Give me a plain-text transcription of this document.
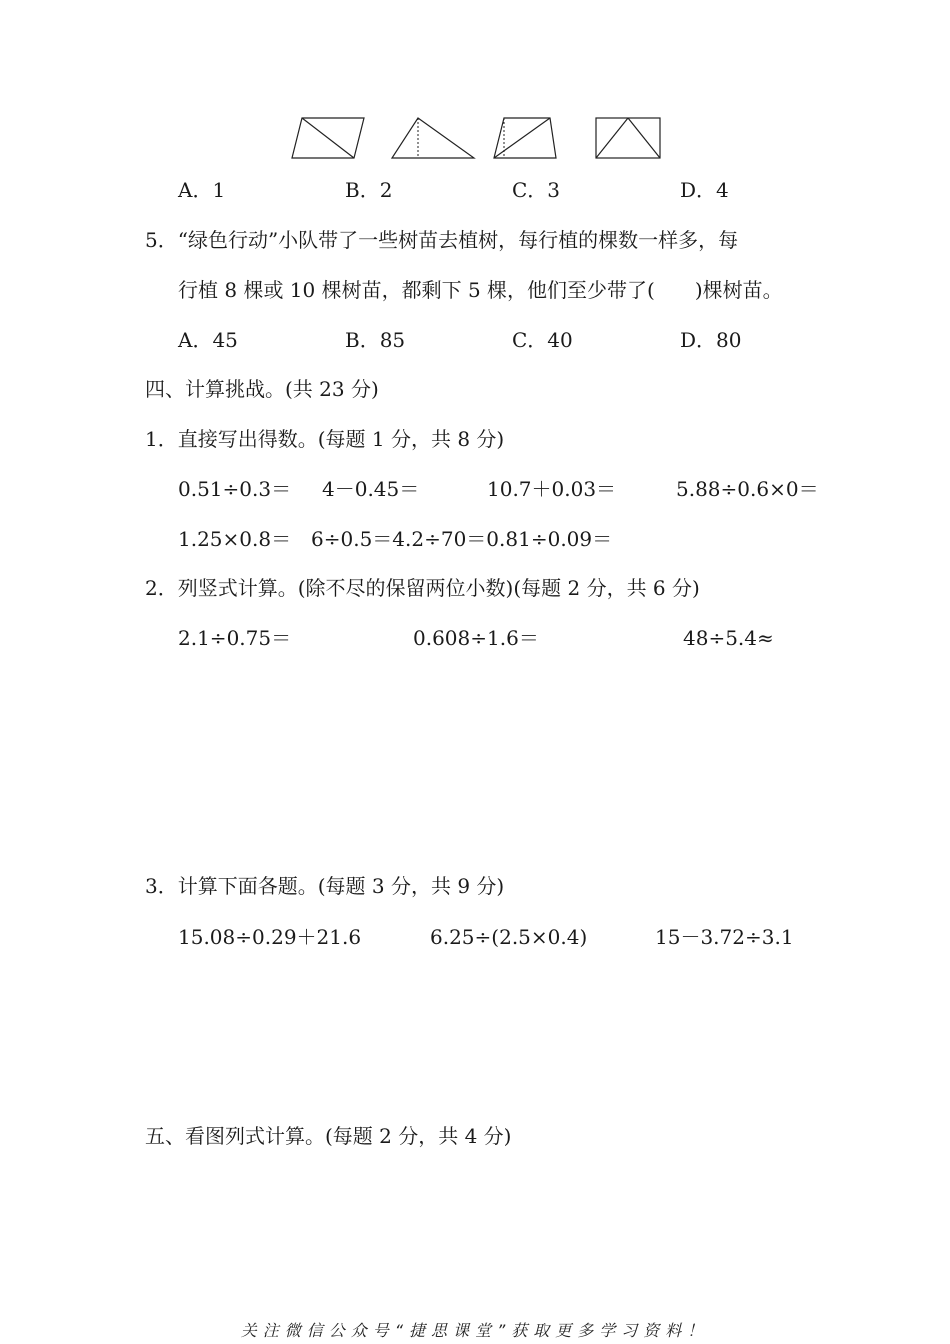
A．1	B．2	C．3	D．4
5．“绿色行动”小队带了一些树苗去植树，每行植的棵数一样多，每
行植 8 棵或 10 棵树苗，都剩下 5 棵，他们至少带了(　　)棵树苗。
A．45	B．85	C．40	D．80
四、计算挑战。(共 23 分)
1．直接写出得数。(每题 1 分，共 8 分)
0.51÷0.3＝ 4－0.45＝	10.7＋0.03＝	5.88÷0.6×0＝
1.25×0.8＝ 6÷0.5＝4.2÷70＝0.81÷0.09＝
2．列竖式计算。(除不尽的保留两位小数)(每题 2 分，共 6 分)
2.1÷0.75＝	0.608÷1.6＝	48÷5.4≈
3．计算下面各题。(每题 3 分，共 9 分)
15.08÷0.29＋21.6	6.25÷(2.5×0.4)	15－3.72÷3.1
五、看图列式计算。(每题 2 分，共 4 分)
关注微信公众号“捷思课堂”获取更多学习资料！
